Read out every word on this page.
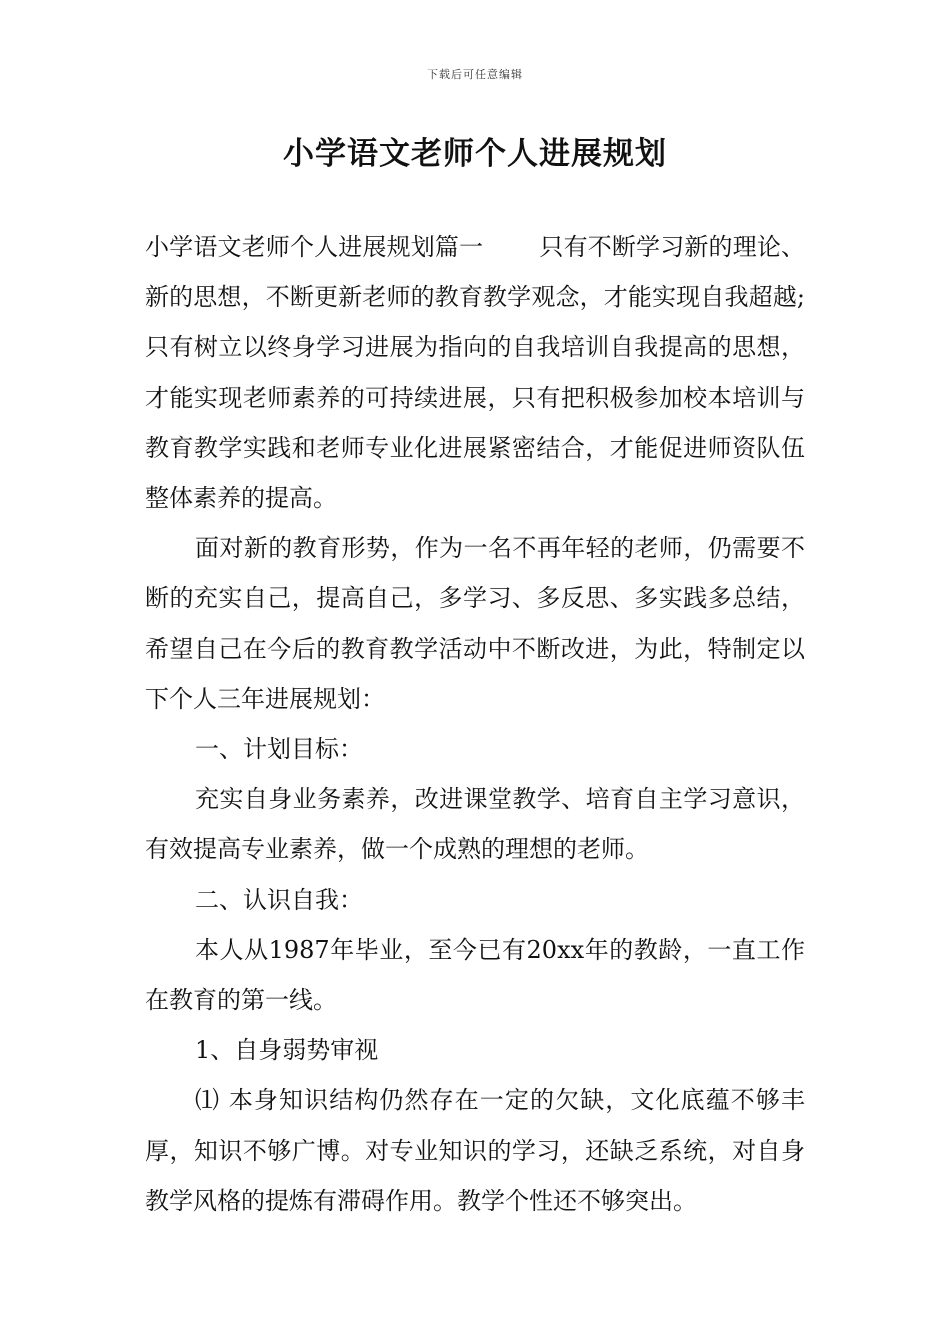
下载后可任意编辑
小学语文老师个人进展规划

小学语文老师个人进展规划篇一 只有不断学习新的理论、新的思想，不断更新老师的教育教学观念，才能实现自我超越;只有树立以终身学习进展为指向的自我培训自我提高的思想，才能实现老师素养的可持续进展，只有把积极参加校本培训与教育教学实践和老师专业化进展紧密结合，才能促进师资队伍整体素养的提高。

面对新的教育形势，作为一名不再年轻的老师，仍需要不断的充实自己，提高自己，多学习、多反思、多实践多总结，希望自己在今后的教育教学活动中不断改进，为此，特制定以下个人三年进展规划：

一、计划目标：

充实自身业务素养，改进课堂教学、培育自主学习意识，有效提高专业素养，做一个成熟的理想的老师。

二、认识自我：

本人从1987年毕业，至今已有20xx年的教龄，一直工作在教育的第一线。

1、自身弱势审视

⑴ 本身知识结构仍然存在一定的欠缺，文化底蕴不够丰厚，知识不够广博。对专业知识的学习，还缺乏系统，对自身教学风格的提炼有滞碍作用。教学个性还不够突出。
